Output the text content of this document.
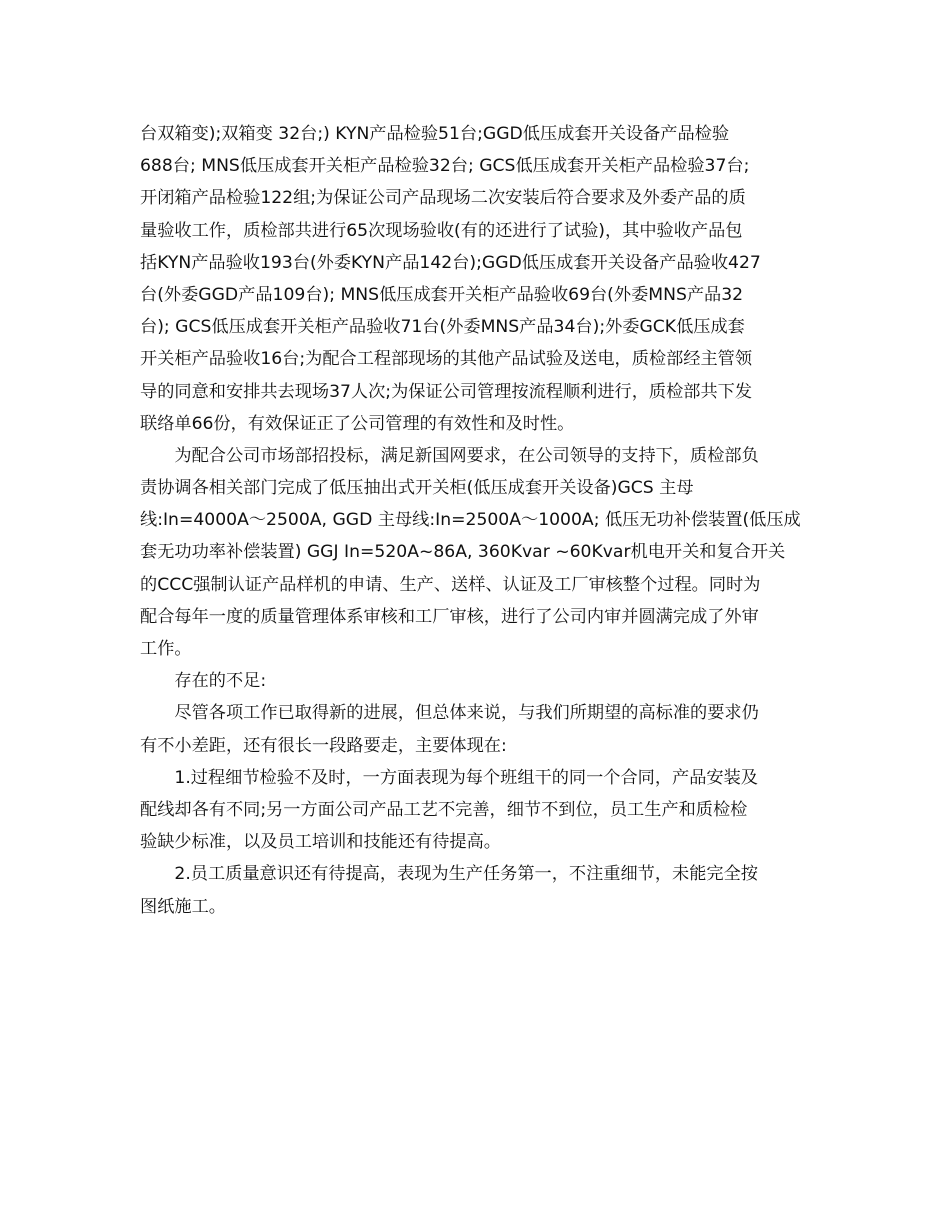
台双箱变);双箱变 32台;) KYN产品检验51台;GGD低压成套开关设备产品检验
688台; MNS低压成套开关柜产品检验32台; GCS低压成套开关柜产品检验37台;
开闭箱产品检验122组;为保证公司产品现场二次安装后符合要求及外委产品的质
量验收工作，质检部共进行65次现场验收(有的还进行了试验)，其中验收产品包
括KYN产品验收193台(外委KYN产品142台);GGD低压成套开关设备产品验收427
台(外委GGD产品109台); MNS低压成套开关柜产品验收69台(外委MNS产品32
台); GCS低压成套开关柜产品验收71台(外委MNS产品34台);外委GCK低压成套
开关柜产品验收16台;为配合工程部现场的其他产品试验及送电，质检部经主管领
导的同意和安排共去现场37人次;为保证公司管理按流程顺利进行，质检部共下发
联络单66份，有效保证正了公司管理的有效性和及时性。
为配合公司市场部招投标，满足新国网要求，在公司领导的支持下，质检部负
责协调各相关部门完成了低压抽出式开关柜(低压成套开关设备)GCS 主母
线:In=4000A～2500A, GGD 主母线:In=2500A～1000A; 低压无功补偿装置(低压成
套无功功率补偿装置) GGJ In=520A~86A, 360Kvar ~60Kvar机电开关和复合开关
的CCC强制认证产品样机的申请、生产、送样、认证及工厂审核整个过程。同时为
配合每年一度的质量管理体系审核和工厂审核，进行了公司内审并圆满完成了外审
工作。
存在的不足:
尽管各项工作已取得新的进展，但总体来说，与我们所期望的高标准的要求仍
有不小差距，还有很长一段路要走，主要体现在:
1.过程细节检验不及时，一方面表现为每个班组干的同一个合同，产品安装及
配线却各有不同;另一方面公司产品工艺不完善，细节不到位，员工生产和质检检
验缺少标准，以及员工培训和技能还有待提高。
2.员工质量意识还有待提高，表现为生产任务第一，不注重细节，未能完全按
图纸施工。
